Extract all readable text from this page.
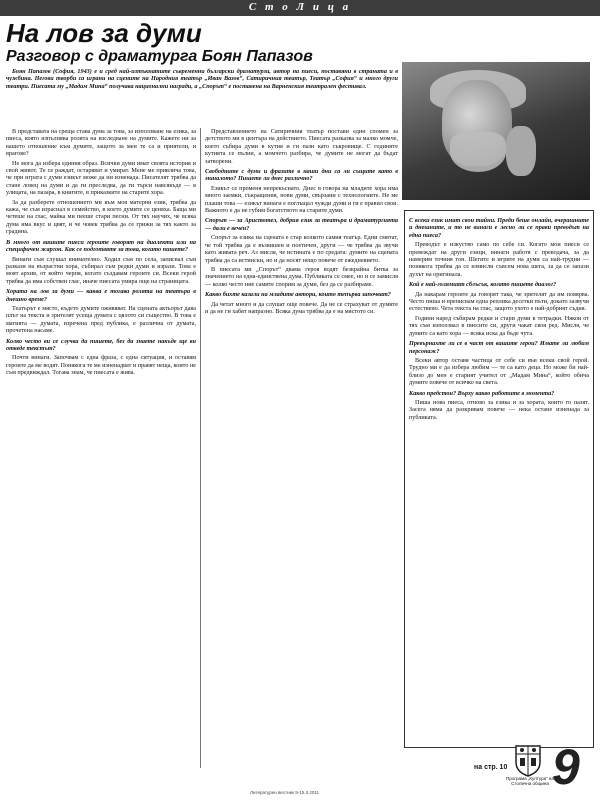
С т о Л и ц а
На лов за думи
Разговор с драматурга Боян Папазов

Боян Папазов (София, 1943) е и сред най-изтъкнатите съвременни български драматурзи, автор на пиеси, поставяни в страната и в чужбина. Негови творби са играни на сцените на Народния театър „Иван Вазов“, Сатиричния театър, Театър „София“ и много други театри. Пиесата му „Мадам Мина“ получава национални награди, а „Спорът“ е поставена на Варненския театрален фестивал.

В представата на среща става дума за това, за използване на езика, за пиеса, която изпълнява ролята на изследване на думите. Кажете ни за вашето отношение към думите, защото за мен те са и приятели, и врагове?

Не мога да избера единия образ. Всички думи имат своята история и свой живот. Те се раждат, остаряват и умират. Мене ме привлича това, че при играта с думи езикът може да ни изненада. Писателят трябва да стане ловец на думи и да ги преследва, да ги търси навсякъде — в улицата, на пазара, в книгите, в приказките на старите хора.

За да разберете отношението ми към моя матерни език, трябва да кажа, че съм израснал в семейство, в което думите се ценяха. Баща ми четеше на глас, майка ми пееше стари песни. От тях научих, че всяка дума има вкус и цвят, и че човек трябва да се грижи за тях както за градина.

В много от вашите пиеси героите говорят на диалекти или на специфичен жаргон. Как се подготвяте за това, когато пишете?

Винаги съм слушал внимателно. Ходил съм по села, записвал съм разкази на възрастни хора, събирал съм редки думи и изрази. Това е моят архив, от който черпя, когато създавам героите си. Всеки герой трябва да има собствен глас, иначе пиесата умира още на страницата.

Хората на лов за думи — каква е тогава ролята на театъра в днешно време?

Театърът е място, където думите оживяват. На сцената актьорът дава плът на текста и зрителят усеща думата с цялото си същество. В това е магията — думата, изречена пред публика, е различна от думата, прочетена насаме.

Колко често ви се случва да пишете, без да знаете накъде ще ви отведе текстът?

Почти винаги. Започвам с една фраза, с една ситуация, и оставям героите да ме водят. Понякога те ме изненадват и правят неща, които не съм предвиждал. Тогава знам, че пиесата е жива.

Представлението на Сатиричния театър постави един спомен за детството ми в центъра на действието. Пиесата разказва за малко момче, което събира думи в кутия и ги пази като съкровище. С годините кутията се пълни, а момчето разбира, че думите не могат да бъдат затворени.

Свободните с думи и фразите в наши дни са ли същите като в миналото? Пишете ли днес различно?

Езикът се променя непрекъснато. Днес в говора на младите хора има много заемки, съкращения, нови думи, свързани с технологиите. Не ме плаши това — езикът винаги е поглъщал чужди думи и ги е правил свои. Важното е да не губим богатството на старите думи.

Спорът — за Аристотел, добрия език за театъра и драматургията — дали е вечен?

Спорът за езика на сцената е стар колкото самия театър. Едни смятат, че той трябва да е възвишен и поетичен, други — че трябва да звучи като живата реч. Аз мисля, че истината е по средата: думите на сцената трябва да са истински, но и да носят нещо повече от ежедневието.

В пиесата ми „Спорът“ двама героя водят безкрайна битка за значението на една-единствена дума. Публиката се смее, но и се замисля — колко често ние самите спорим за думи, без да се разбираме.

Какво бихте казали на младите автори, които тепърва започват?

Да четат много и да слушат още повече. Да не се страхуват от думите и да не ги хабят напразно. Всяка дума трябва да е на мястото си.

С всеки език имат свои тайни. Преди беше онлайн, вчерашните и днешните, и то не винаги е лесно ли се прави преводът на една пиеса?

Преводът е изкуство само по себе си. Когато мои пиеси се превеждат на други езици, винаги работя с преводача, за да намерим точния тон. Шегите и игрите на думи са най-трудни — понякога трябва да се измисли съвсем нова шега, за да се запази духът на оригинала.

Кой е най-голямият сблъсък, когато пишете диалог?

Да накарам героите да говорят така, че зрителят да им повярва. Често пиша и преписвам една реплика десетки пъти, докато зазвучи естествено. Четa текста на глас, защото ухото е най-добрият съдия.

Години наред събирам редки и стари думи в тетрадки. Някои от тях съм използвал в пиесите си, други чакат своя ред. Мисля, че думите са като хора — всяка иска да бъде чута.

Превърнахте ли се в част от вашите герои? Имате ли любим персонаж?

Всеки автор оставя частица от себе си във всеки свой герой. Трудно ми е да избера любим — те са като деца. Но може би най-близо до мен е старият учител от „Мадам Мина“, който обича думите повече от всичко на света.

Какво предстои? Върху какво работите в момента?

Пиша нова пиеса, отново за езика и за хората, които го пазят. Засега няма да разкривам повече — нека остане изненада за публиката.

на стр. 10
Програма „Култура“ на Столична община 9
Литературен вестник 9-15.II.2011
